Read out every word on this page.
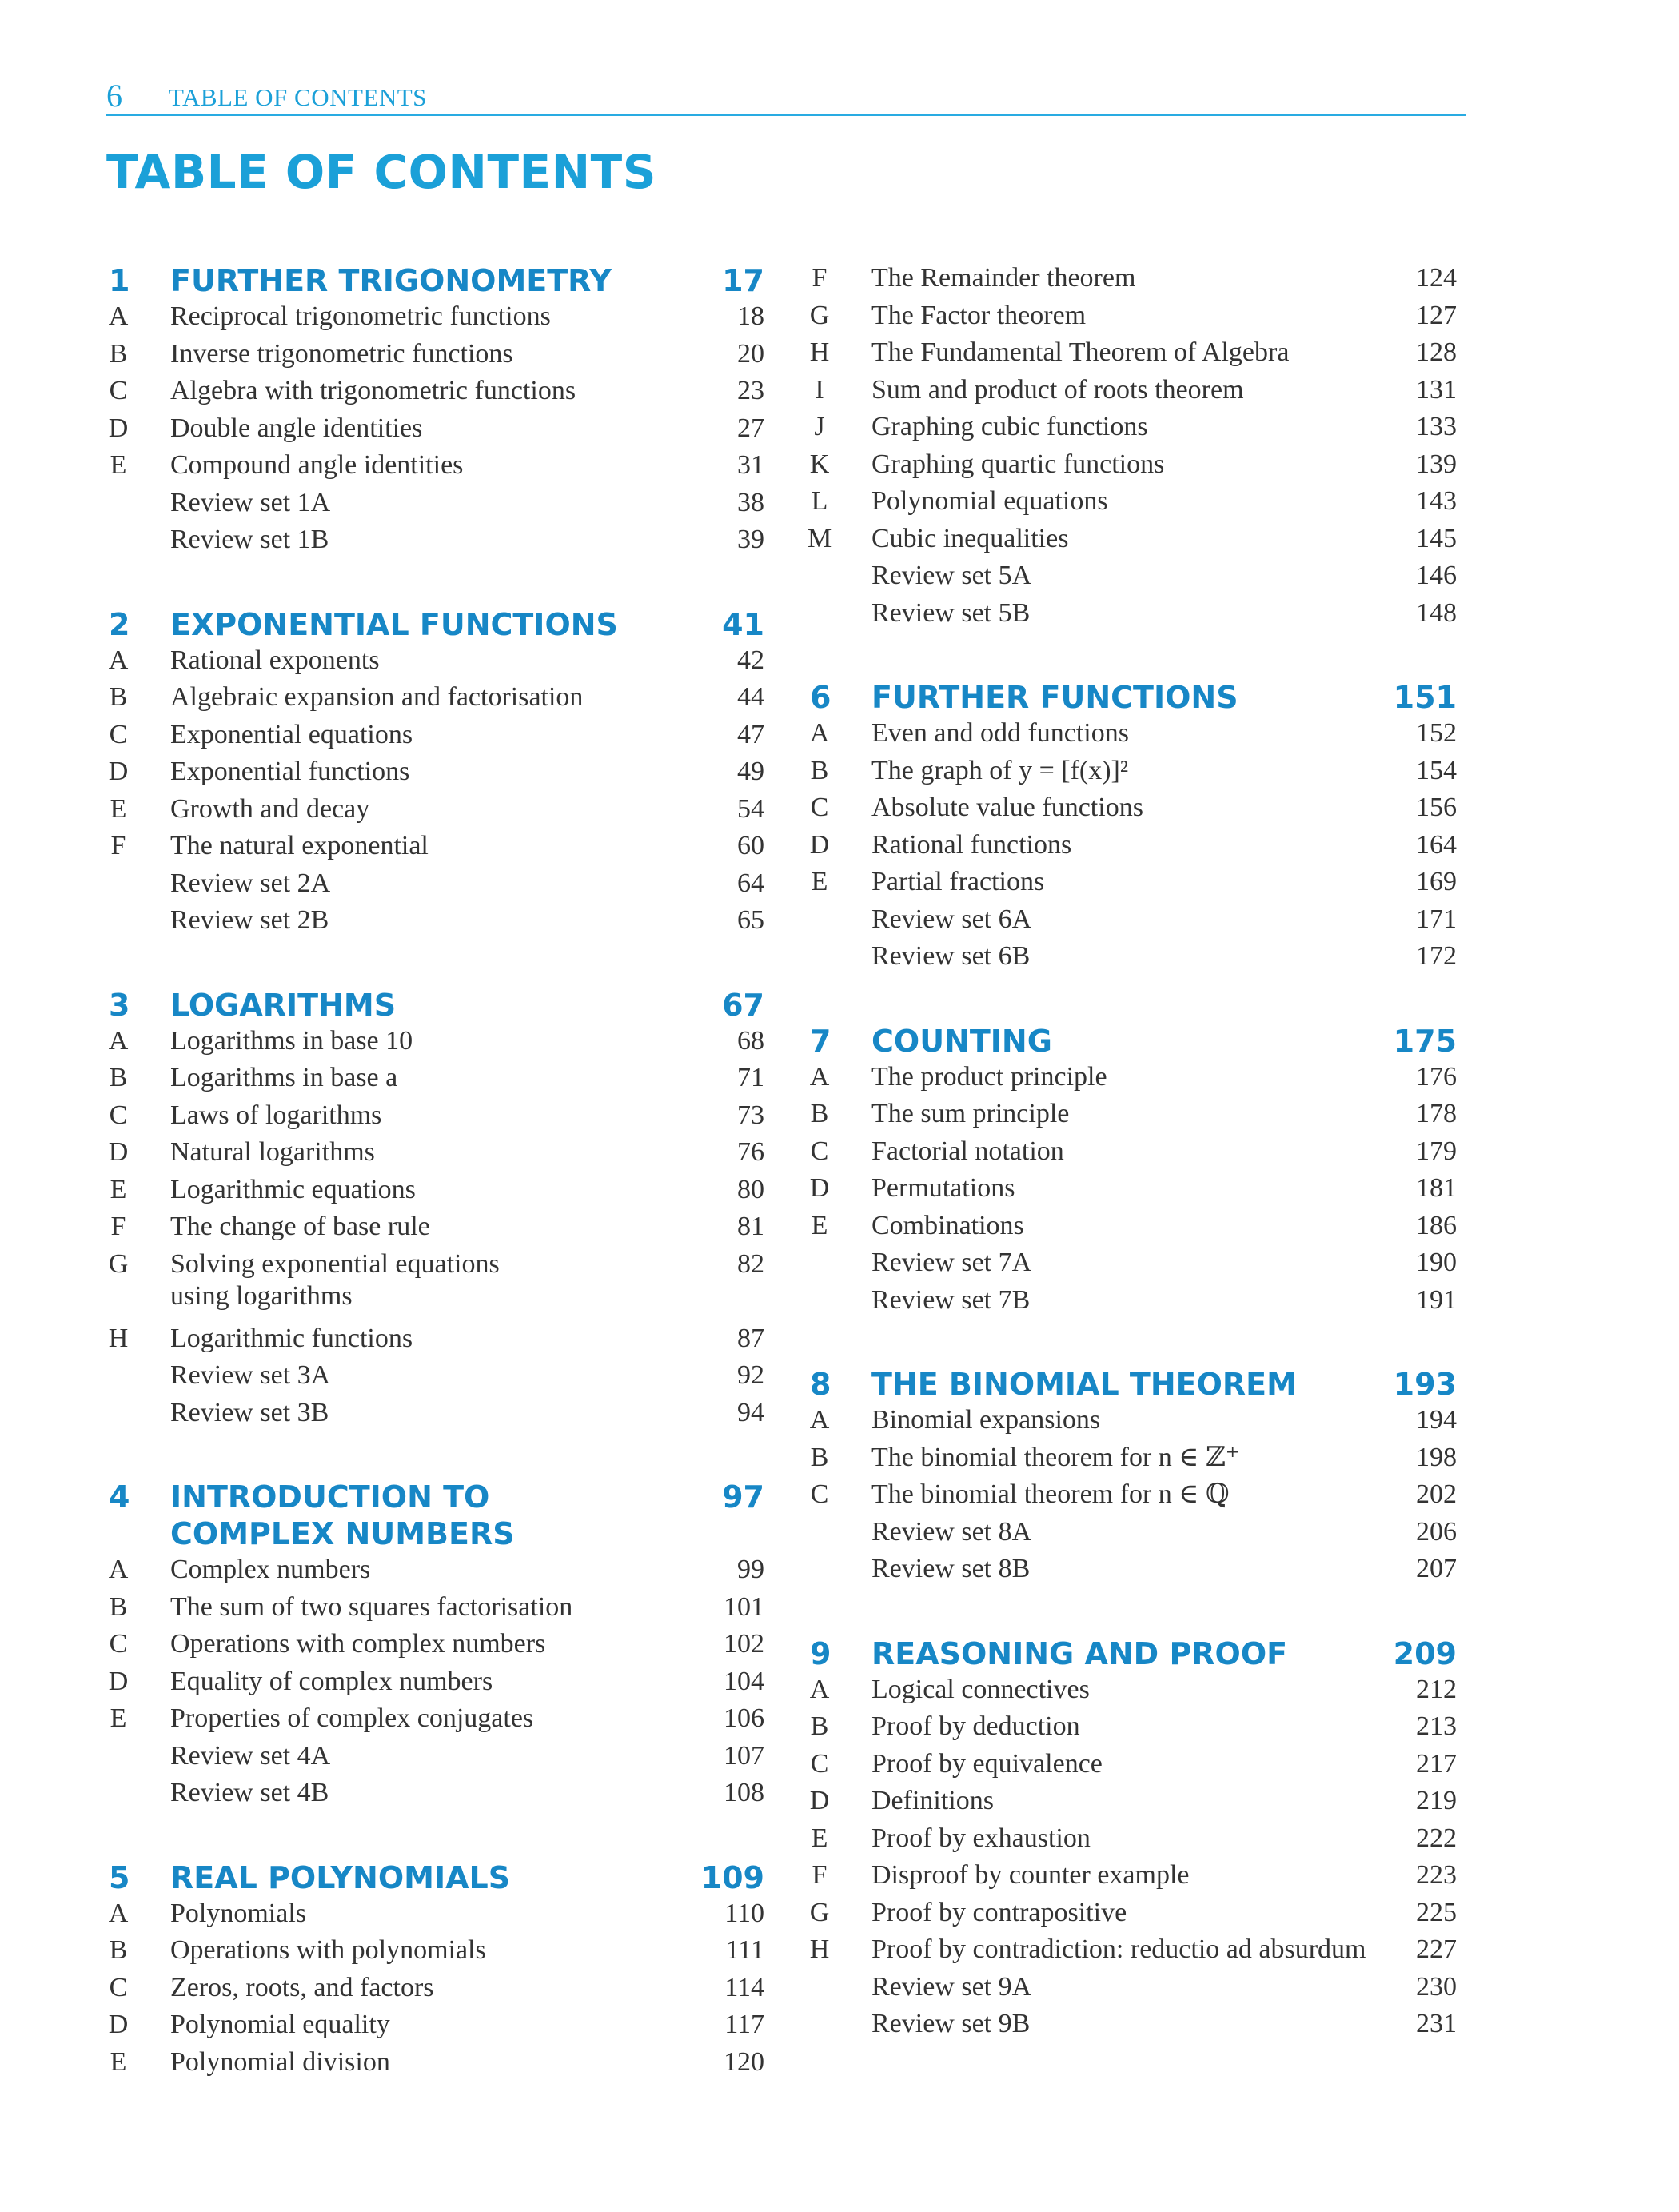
6 TABLE OF CONTENTS
TABLE OF CONTENTS
1 FURTHER TRIGONOMETRY	17
A Reciprocal trigonometric functions	18
B Inverse trigonometric functions	20
C Algebra with trigonometric functions	23
D Double angle identities	27
E Compound angle identities	31
Review set 1A	38
Review set 1B	39
2 EXPONENTIAL FUNCTIONS	41
A Rational exponents	42
B Algebraic expansion and factorisation	44
C Exponential equations	47
D Exponential functions	49
E Growth and decay	54
F The natural exponential	60
Review set 2A	64
Review set 2B	65
3 LOGARITHMS	67
A Logarithms in base 10	68
B Logarithms in base a	71
C Laws of logarithms	73
D Natural logarithms	76
E Logarithmic equations	80
F The change of base rule	81
G Solving exponential equations
using logarithms
82
H Logarithmic functions	87
Review set 3A	92
Review set 3B	94
4 INTRODUCTION TO
COMPLEX NUMBERS
97
A Complex numbers	99
B The sum of two squares factorisation	101
C Operations with complex numbers	102
D Equality of complex numbers	104
E Properties of complex conjugates	106
Review set 4A	107
Review set 4B	108
5 REAL POLYNOMIALS	109
A Polynomials	110
B Operations with polynomials	111
C Zeros, roots, and factors	114
D Polynomial equality	117
E Polynomial division	120
F The Remainder theorem	124
G The Factor theorem	127
H The Fundamental Theorem of Algebra	128
I Sum and product of roots theorem	131
J Graphing cubic functions	133
K Graphing quartic functions	139
L Polynomial equations	143
M Cubic inequalities	145
Review set 5A	146
Review set 5B	148
6 FURTHER FUNCTIONS	151
A Even and odd functions	152
B The graph of y = [f(x)]²	154
C Absolute value functions	156
D Rational functions	164
E Partial fractions	169
Review set 6A	171
Review set 6B	172
7 COUNTING	175
A The product principle	176
B The sum principle	178
C Factorial notation	179
D Permutations	181
E Combinations	186
Review set 7A	190
Review set 7B	191
8 THE BINOMIAL THEOREM	193
A Binomial expansions	194
B The binomial theorem for n ∈ ℤ⁺	198
C The binomial theorem for n ∈ ℚ	202
Review set 8A	206
Review set 8B	207
9 REASONING AND PROOF	209
A Logical connectives	212
B Proof by deduction	213
C Proof by equivalence	217
D Definitions	219
E Proof by exhaustion	222
F Disproof by counter example	223
G Proof by contrapositive	225
H Proof by contradiction: reductio ad absurdum 227
Review set 9A	230
Review set 9B	231
